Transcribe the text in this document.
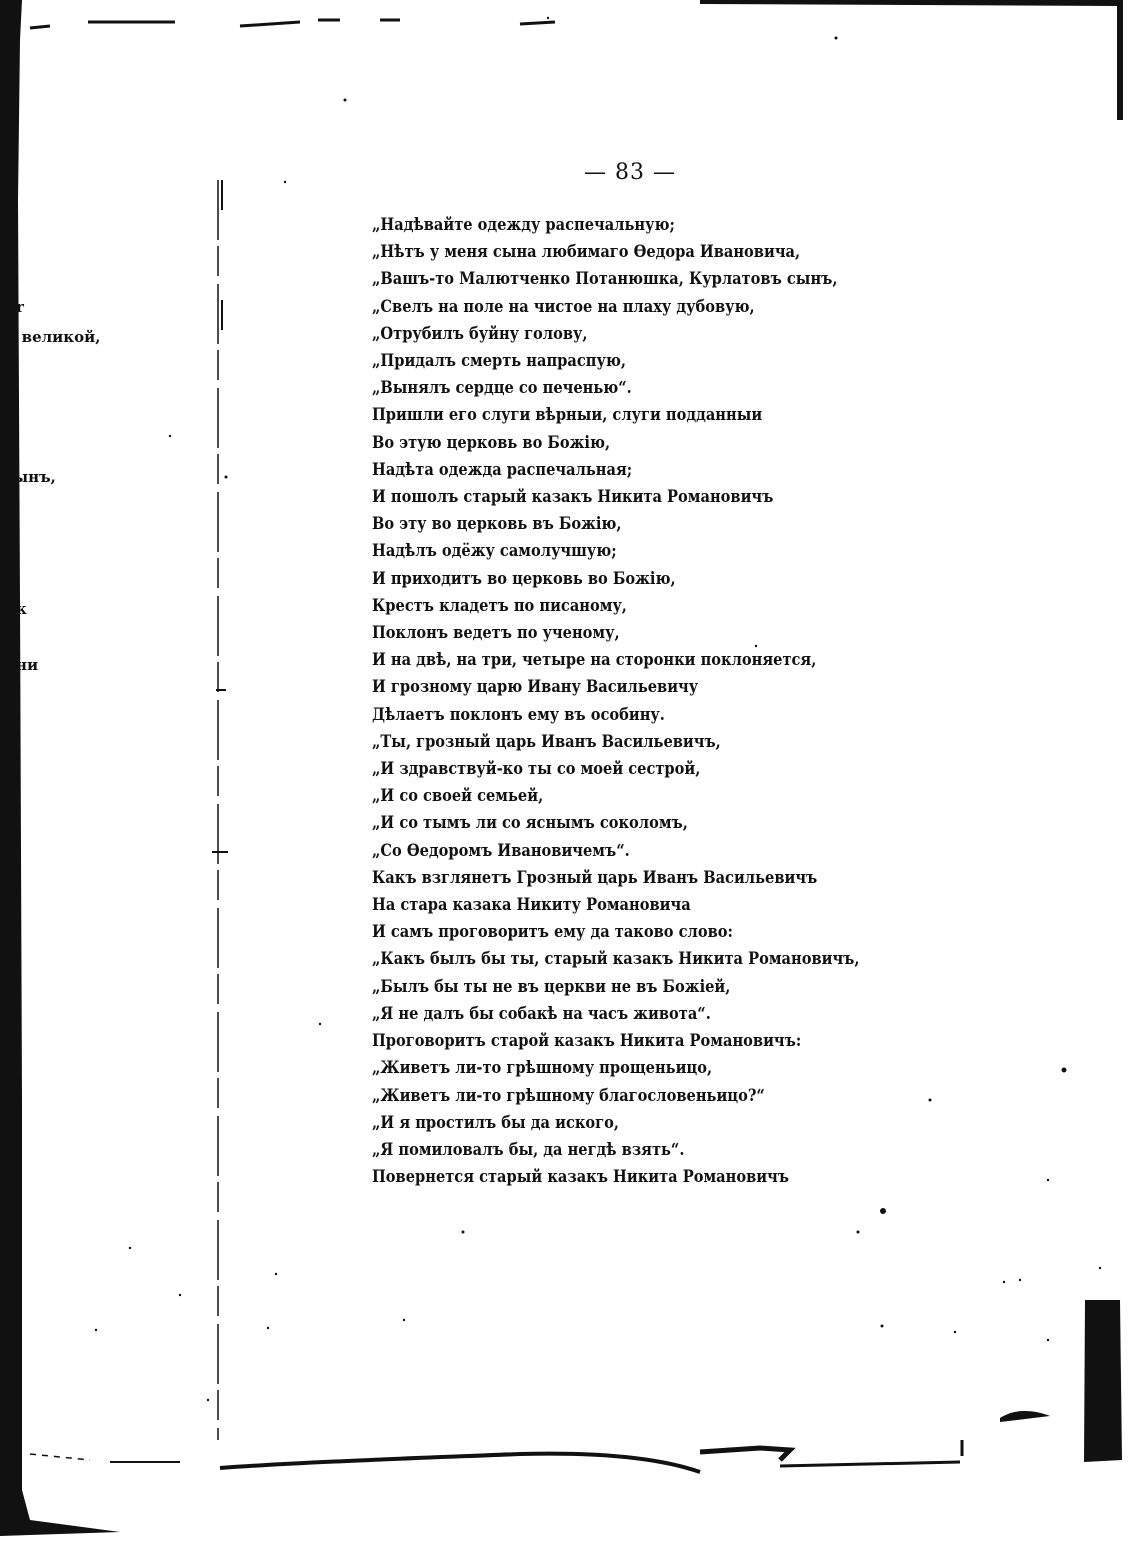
r
в великой,
сынъ,
к
ни
— 83 —
„Надѣвайте одежду распечальную;
„Нѣтъ у меня сына любимаго Өедора Ивановича,
„Вашъ-то Малютченко Потанюшка, Курлатовъ сынъ,
„Свелъ на поле на чистое на плаху дубовую,
„Отрубилъ буйну голову,
„Придалъ смерть напраспую,
„Вынялъ сердце со печенью“.
Пришли его слуги вѣрныи, слуги подданныи
Во этую церковь во Божію,
Надѣта одежда распечальная;
И пошолъ старый казакъ Никита Романовичъ
Во эту во церковь въ Божію,
Надѣлъ одёжу самолучшую;
И приходитъ во церковь во Божію,
Крестъ кладетъ по писаному,
Поклонъ ведетъ по ученому,
И на двѣ, на три, четыре на сторонки поклоняется,
И грозному царю Ивану Васильевичу
Дѣлаетъ поклонъ ему въ особину.
„Ты, грозный царь Иванъ Васильевичъ,
„И здравствуй-ко ты со моей сестрой,
„И со своей семьей,
„И со тымъ ли со яснымъ соколомъ,
„Со Өедоромъ Ивановичемъ“.
Какъ взглянетъ Грозный царь Иванъ Васильевичъ
На стара казака Никиту Романовича
И самъ проговоритъ ему да таково слово:
„Какъ былъ бы ты, старый казакъ Никита Романовичъ,
„Былъ бы ты не въ церкви не въ Божіей,
„Я не далъ бы собакѣ на часъ живота“.
Проговоритъ старой казакъ Никита Романовичъ:
„Живетъ ли-то грѣшному прощеньицо,
„Живетъ ли-то грѣшному благословеньицо?“
„И я простилъ бы да иского,
„Я помиловалъ бы, да негдѣ взять“.
Повернется старый казакъ Никита Романовичъ
